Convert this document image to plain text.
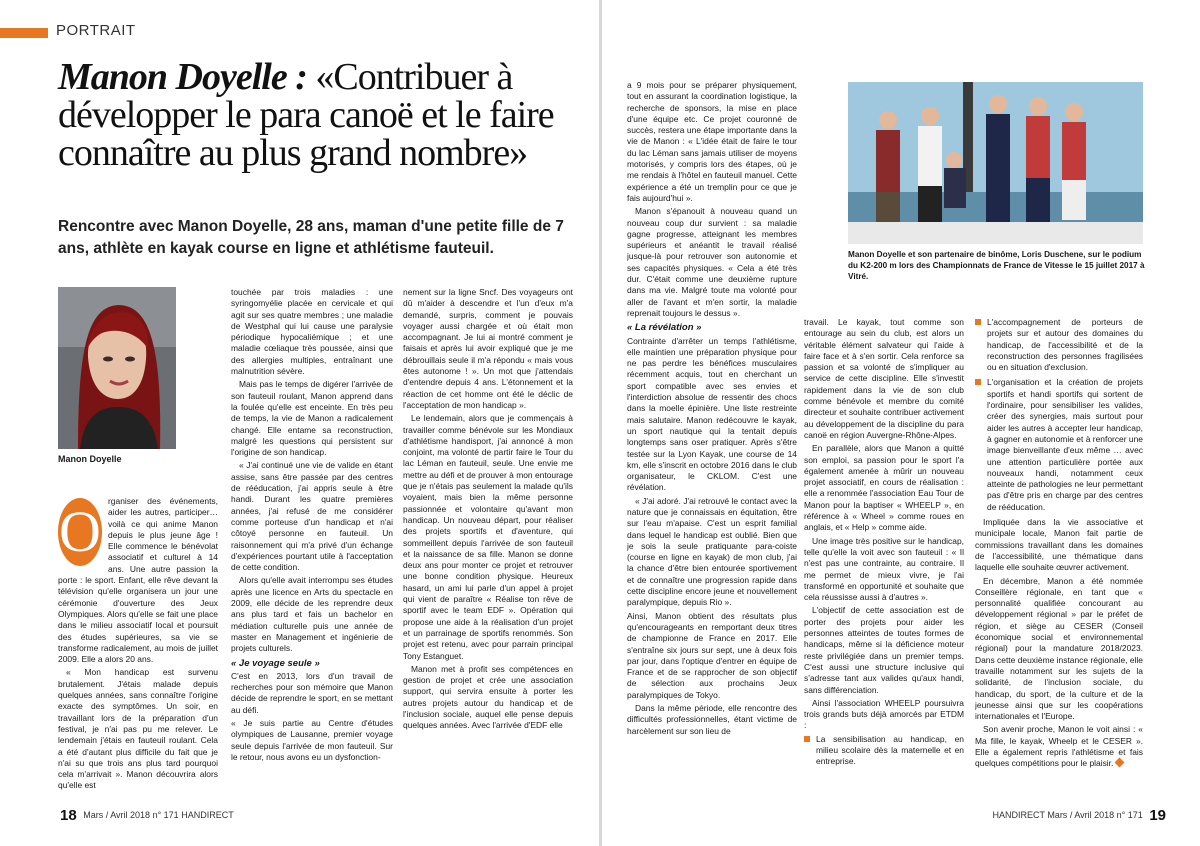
PORTRAIT
Manon Doyelle : «Contribuer à développer le para canoë et le faire connaître au plus grand nombre»

Rencontre avec Manon Doyelle, 28 ans, maman d'une petite fille de 7 ans, athlète en kayak course en ligne et athlétisme fauteuil.

Manon Doyelle

Manon Doyelle et son partenaire de binôme, Loris Duschene, sur le podium du K2-200 m lors des Championnats de France de Vitesse le 15 juillet 2017 à Vitré.

O rganiser des événements, aider les autres, participer… voilà ce qui anime Manon depuis le plus jeune âge ! Elle commence le bénévolat associatif et culturel à 14 ans. Une autre passion la porte : le sport. Enfant, elle rêve devant la télévision qu'elle organisera un jour une cérémonie d'ouverture des Jeux Olympiques. Alors qu'elle se fait une place dans le milieu associatif local et poursuit des études supérieures, sa vie se transforme radicalement, au mois de juillet 2009. Elle a alors 20 ans.

« Mon handicap est survenu brutalement. J'étais malade depuis quelques années, sans connaître l'origine exacte des symptômes. Un soir, en travaillant lors de la préparation d'un festival, je n'ai pas pu me relever. Le lendemain j'étais en fauteuil roulant. Cela a été d'autant plus difficile du fait que je n'ai su que trois ans plus tard pourquoi cela m'arrivait ». Manon découvrira alors qu'elle est

touchée par trois maladies : une syringomyélie placée en cervicale et qui agit sur ses quatre membres ; une maladie de Westphal qui lui cause une paralysie périodique hypocaliémique ; et une maladie cœliaque très poussée, ainsi que des allergies multiples, entraînant une malnutrition sévère.

Mais pas le temps de digérer l'arrivée de son fauteuil roulant, Manon apprend dans la foulée qu'elle est enceinte. En très peu de temps, la vie de Manon a radicalement changé. Elle entame sa reconstruction, malgré les questions qui persistent sur l'origine de son handicap.

« J'ai continué une vie de valide en étant assise, sans être passée par des centres de rééducation, j'ai appris seule à être handi. Durant les quatre premières années, j'ai refusé de me considérer comme porteuse d'un handicap et n'ai côtoyé personne en fauteuil. Un raisonnement qui m'a privé d'un échange d'expériences pourtant utile à l'acceptation de cette condition.

Alors qu'elle avait interrompu ses études après une licence en Arts du spectacle en 2009, elle décide de les reprendre deux ans plus tard et fais un bachelor en médiation culturelle puis une année de master en Management et ingénierie de projets culturels.

« Je voyage seule »

C'est en 2013, lors d'un travail de recherches pour son mémoire que Manon décide de reprendre le sport, en se mettant au défi.

« Je suis partie au Centre d'études olympiques de Lausanne, premier voyage seule depuis l'arrivée de mon fauteuil. Sur le retour, nous avons eu un dysfonction-

nement sur la ligne Sncf. Des voyageurs ont dû m'aider à descendre et l'un d'eux m'a demandé, surpris, comment je pouvais voyager aussi chargée et où était mon accompagnant. Je lui ai montré comment je faisais et après lui avoir expliqué que je me débrouillais seule il m'a répondu « mais vous êtes autonome ! ». Un mot que j'attendais d'entendre depuis 4 ans. L'étonnement et la réaction de cet homme ont été le déclic de l'acceptation de mon handicap ».

Le lendemain, alors que je commençais à travailler comme bénévole sur les Mondiaux d'athlétisme handisport, j'ai annoncé à mon conjoint, ma volonté de partir faire le Tour du lac Léman en fauteuil, seule. Une envie me mettre au défi et de prouver à mon entourage que je n'étais pas seulement la malade qu'ils voyaient, mais bien la même personne passionnée et volontaire qu'avant mon handicap. Un nouveau départ, pour réaliser des projets sportifs et d'aventure, qui sommeillent depuis l'arrivée de son fauteuil et la naissance de sa fille. Manon se donne deux ans pour monter ce projet et retrouver une bonne condition physique. Heureux hasard, un ami lui parle d'un appel à projet qui vient de paraître « Réalise ton rêve de sportif avec le team EDF ». Opération qui propose une aide à la réalisation d'un projet et un parrainage de sportifs renommés. Son projet est retenu, avec pour parrain principal Tony Estanguet.

Manon met à profit ses compétences en gestion de projet et crée une association support, qui servira ensuite à porter les autres projets autour du handicap et de l'inclusion sociale, auquel elle pense depuis quelques années. Avec l'arrivée d'EDF elle

a 9 mois pour se préparer physiquement, tout en assurant la coordination logistique, la recherche de sponsors, la mise en place d'une équipe etc. Ce projet couronné de succès, restera une étape importante dans la vie de Manon : « L'idée était de faire le tour du lac Léman sans jamais utiliser de moyens motorisés, y compris lors des étapes, où je me rendais à l'hôtel en fauteuil manuel. Cette expérience a été un tremplin pour ce que je fais aujourd'hui ».

Manon s'épanouit à nouveau quand un nouveau coup dur survient : sa maladie gagne progresse, atteignant les membres supérieurs et anéantit le travail réalisé jusque-là pour retrouver son autonomie et ses capacités physiques. « Cela a été très dur. C'était comme une deuxième rupture dans ma vie. Malgré toute ma volonté pour aller de l'avant et m'en sortir, la maladie reprenait toujours le dessus ».

« La révélation »

Contrainte d'arrêter un temps l'athlétisme, elle maintien une préparation physique pour ne pas perdre les bénéfices musculaires récemment acquis, tout en cherchant un sport compatible avec ses envies et l'interdiction absolue de ressentir des chocs dans la moelle épinière. Une liste restreinte mais salutaire. Manon redécouvre le kayak, un sport nautique qui la tentait depuis longtemps sans oser pratiquer. Après s'être testée sur la Lyon Kayak, une course de 14 km, elle s'inscrit en octobre 2016 dans le club organisateur, le CKLOM. C'est une révélation.

« J'ai adoré. J'ai retrouvé le contact avec la nature que je connaissais en équitation, être sur l'eau m'apaise. C'est un esprit familial dans lequel le handicap est oublié. Bien que je sois la seule pratiquante para-coiste (course en ligne en kayak) de mon club, j'ai la chance d'être bien entourée sportivement et de connaître une progression rapide dans cette discipline encore jeune et nouvellement paralympique, depuis Rio ».

Ainsi, Manon obtient des résultats plus qu'encourageants en remportant deux titres de championne de France en 2017. Elle s'entraîne six jours sur sept, une à deux fois par jour, dans l'optique d'entrer en équipe de France et de se rapprocher de son objectif de sélection aux prochains Jeux paralympiques de Tokyo.

Dans la même période, elle rencontre des difficultés professionnelles, étant victime de harcèlement sur son lieu de

travail. Le kayak, tout comme son entourage au sein du club, est alors un véritable élément salvateur qui l'aide à faire face et à s'en sortir. Cela renforce sa passion et sa volonté de s'impliquer au service de cette discipline. Elle s'investit rapidement dans la vie de son club comme bénévole et membre du comité directeur et souhaite contribuer activement au développement de la discipline du para canoë en région Auvergne-Rhône-Alpes.

En parallèle, alors que Manon a quitté son emploi, sa passion pour le sport l'a également amenée à mûrir un nouveau projet associatif, en cours de réalisation : elle a renommée l'association Eau Tour de Manon pour la baptiser « WHEELP », en référence à « Wheel » comme roues en anglais, et « Help » comme aide.

Une image très positive sur le handicap, telle qu'elle la voit avec son fauteuil : « Il n'est pas une contrainte, au contraire. Il me permet de mieux vivre, je l'ai transformé en opportunité et souhaite que cela réussisse aussi à d'autres ».

L'objectif de cette association est de porter des projets pour aider les personnes atteintes de toutes formes de handicaps, même si la déficience moteur reste privilégiée dans un premier temps. C'est aussi une structure inclusive qui s'adresse tant aux valides qu'aux handi, sans différenciation.

Ainsi l'association WHEELP poursuivra trois grands buts déjà amorcés par ETDM :

La sensibilisation au handicap, en milieu scolaire dès la maternelle et en entreprise.
L'accompagnement de porteurs de projets sur et autour des domaines du handicap, de l'accessibilité et de la reconstruction des personnes fragilisées ou en situation d'exclusion.
L'organisation et la création de projets sportifs et handi sportifs qui sortent de l'ordinaire, pour sensibiliser les valides, créer des synergies, mais surtout pour aider les autres à accepter leur handicap, à gagner en autonomie et à renforcer une image bienveillante d'eux même … avec une attention particulière portée aux nouveaux handi, notamment ceux atteinte de pathologies ne leur permettant pas d'être pris en charge par des centres de rééducation.

Impliquée dans la vie associative et municipale locale, Manon fait partie de commissions travaillant dans les domaines de l'accessibilité, une thématique dans laquelle elle souhaite œuvrer activement.

En décembre, Manon a été nommée Conseillère régionale, en tant que « personnalité qualifiée concourant au développement régional » par le préfet de région, et siège au CESER (Conseil économique social et environnemental régional) pour la mandature 2018/2023. Dans cette deuxième instance régionale, elle travaille notamment sur les sujets de la solidarité, de l'inclusion sociale, du handicap, du sport, de la culture et de la jeunesse ainsi que sur les coopérations internationales et l'Europe.

Son avenir proche, Manon le voit ainsi : « Ma fille, le kayak, Wheelp et le CESER ». Elle a également repris l'athlétisme et fais quelques compétitions pour le plaisir.

18 Mars / Avril 2018 n° 171 HANDIRECT	HANDIRECT Mars / Avril 2018 n° 171 19
